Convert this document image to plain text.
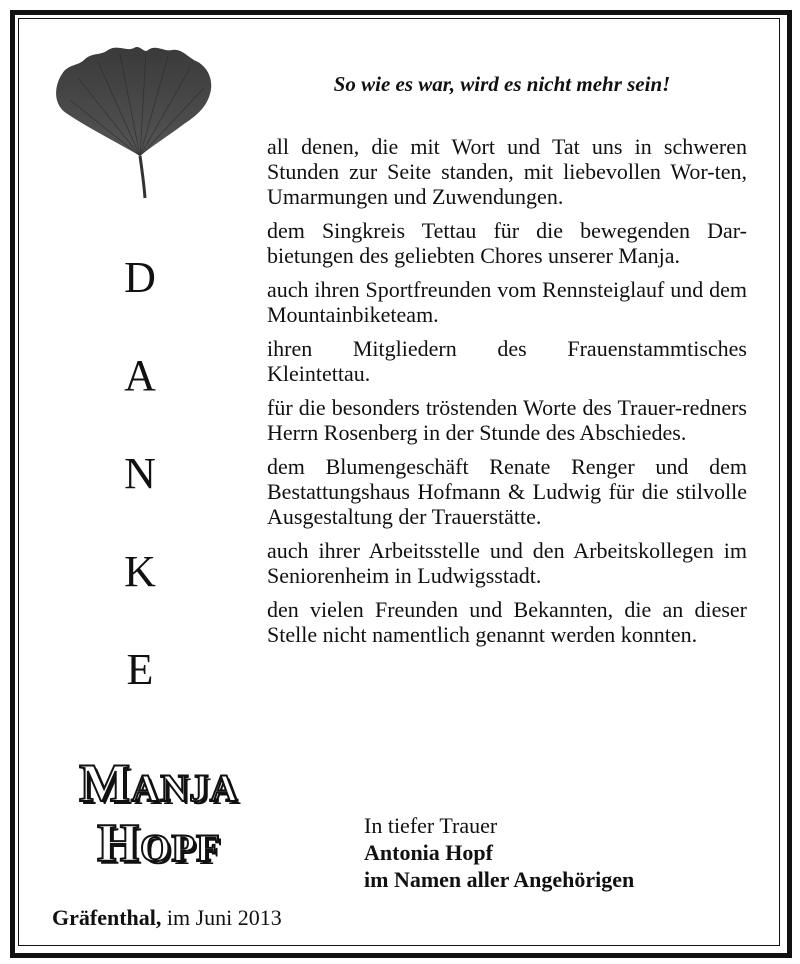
So wie es war, wird es nicht mehr sein!
D
A
N
K
E

all denen, die mit Wort und Tat uns in schweren Stunden zur Seite standen, mit liebevollen Wor-ten, Umarmungen und Zuwendungen.

dem Singkreis Tettau für die bewegenden Dar-bietungen des geliebten Chores unserer Manja.

auch ihren Sportfreunden vom Rennsteiglauf und dem Mountainbiketeam.

ihren Mitgliedern des Frauenstammtisches Kleintettau.

für die besonders tröstenden Worte des Trauer-redners Herrn Rosenberg in der Stunde des Abschiedes.

dem Blumengeschäft Renate Renger und dem Bestattungshaus Hofmann & Ludwig für die stilvolle Ausgestaltung der Trauerstätte.

auch ihrer Arbeitsstelle und den Arbeitskollegen im Seniorenheim in Ludwigsstadt.

den vielen Freunden und Bekannten, die an dieser Stelle nicht namentlich genannt werden konnten.

MANJA
HOPF
In tiefer Trauer
Antonia Hopf
im Namen aller Angehörigen
Gräfenthal, im Juni 2013
